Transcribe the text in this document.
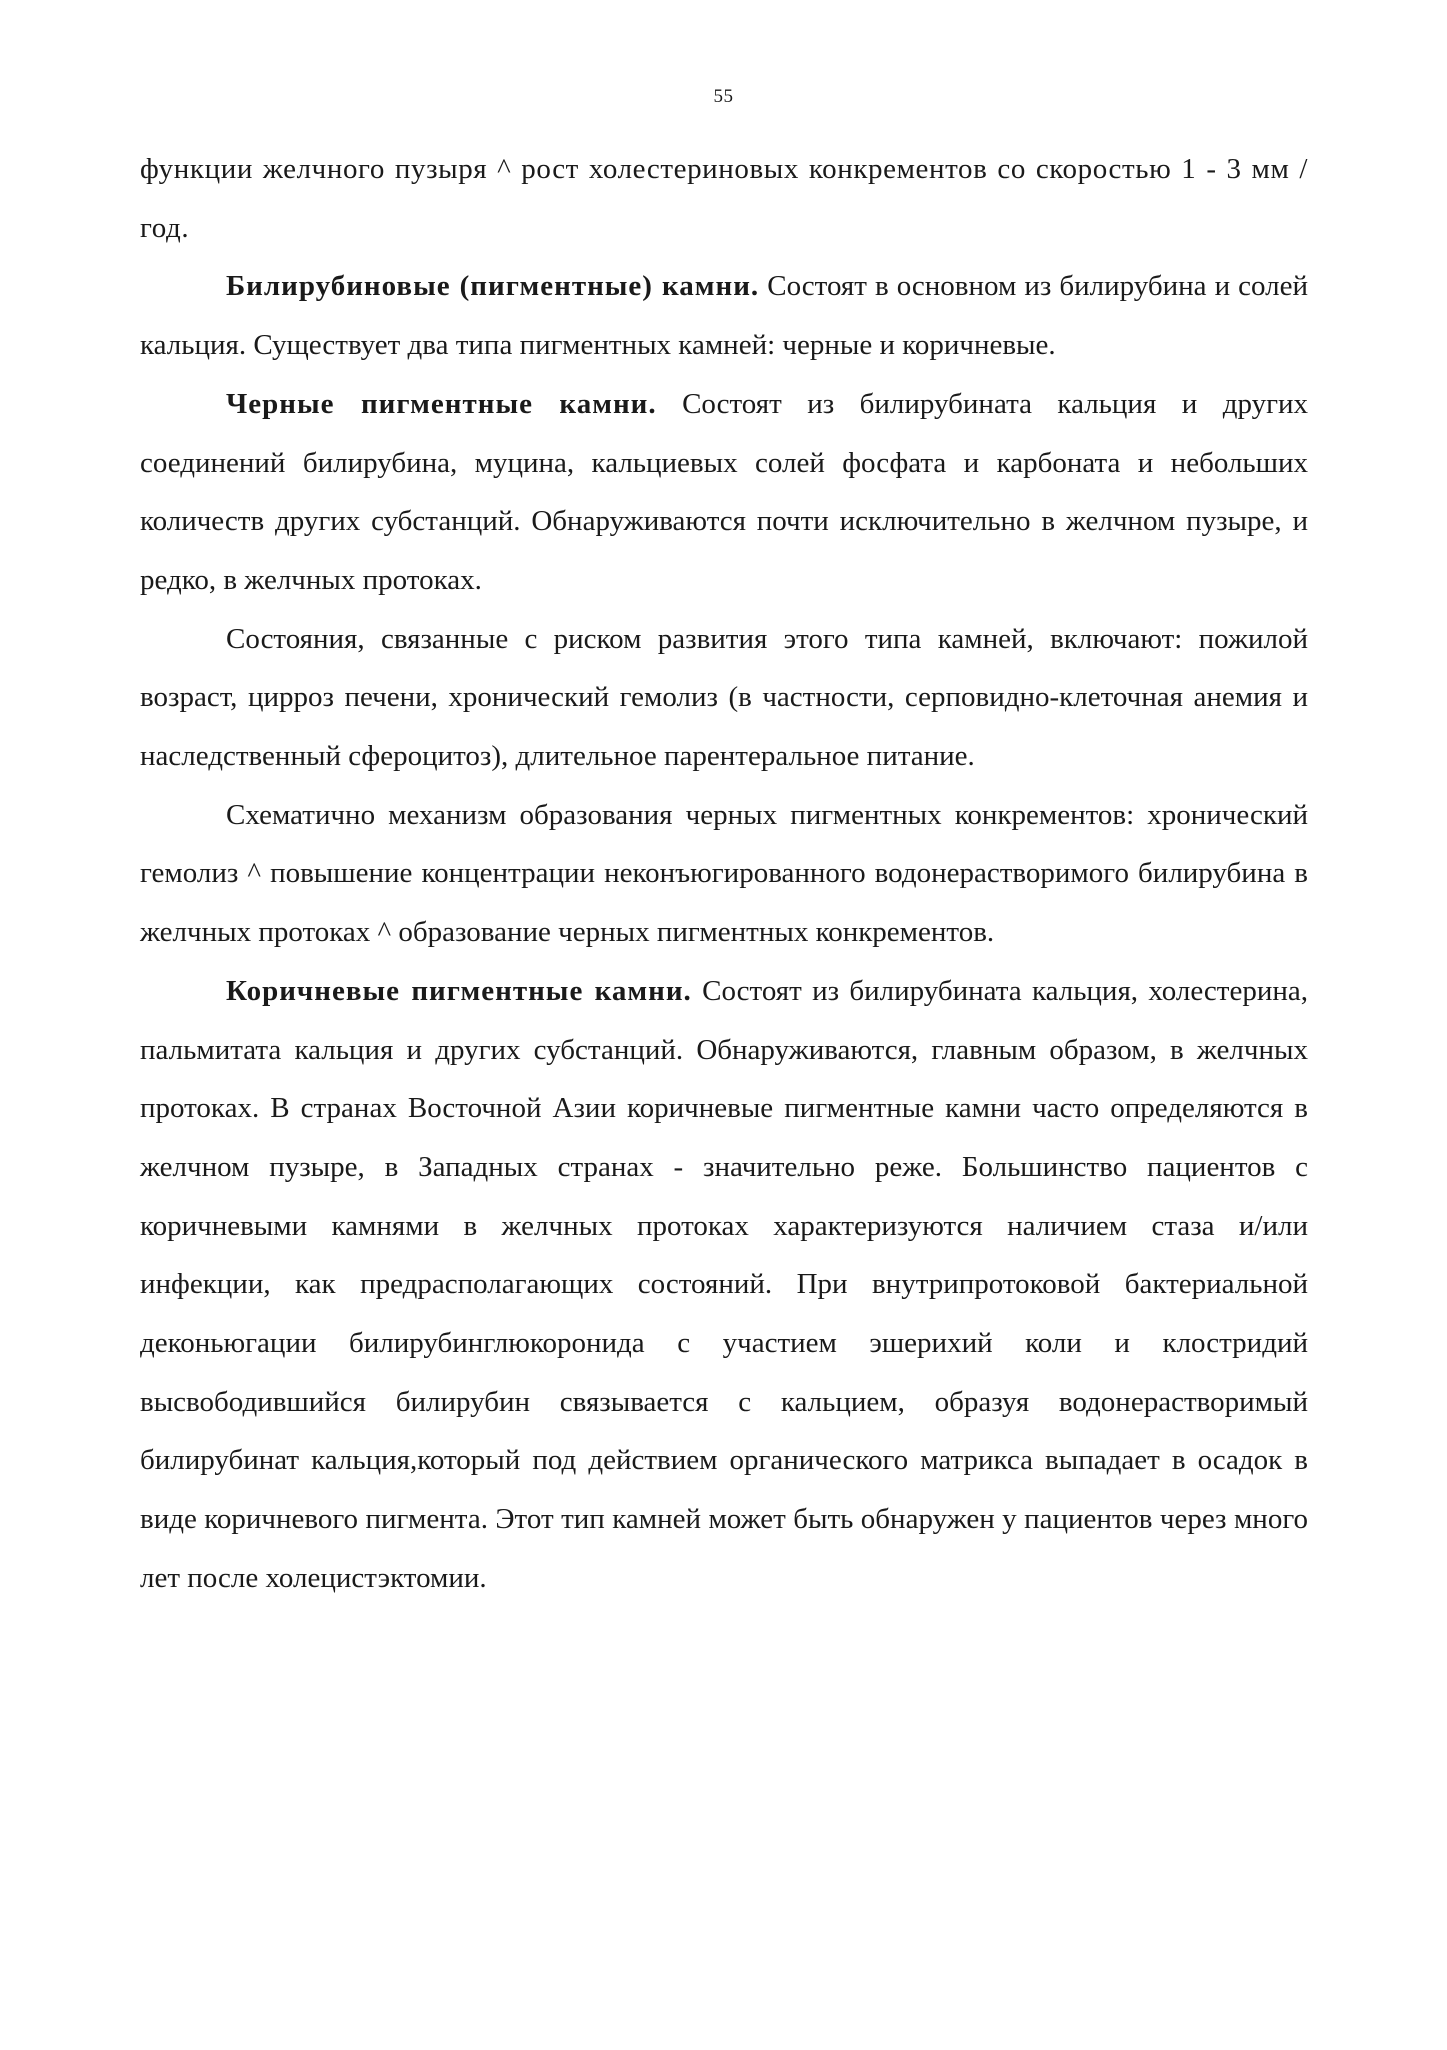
55

функции желчного пузыря ^ рост холестериновых конкрементов со скоростью 1 - 3 мм /год.

Билирубиновые (пигментные) камни. Состоят в основном из билирубина и солей кальция. Существует два типа пигментных камней: черные и коричневые.

Черные пигментные камни. Состоят из билирубината кальция и других соединений билирубина, муцина, кальциевых солей фосфата и карбоната и небольших количеств других субстанций. Обнаруживаются почти исключительно в желчном пузыре, и редко, в желчных протоках.

Состояния, связанные с риском развития этого типа камней, включают: пожилой возраст, цирроз печени, хронический гемолиз (в частности, серповидно-клеточная анемия и наследственный сфероцитоз), длительное парентеральное питание.

Схематично механизм образования черных пигментных конкрементов: хронический гемолиз ^ повышение концентрации неконъюгированного водонерастворимого билирубина в желчных протоках ^ образование черных пигментных конкрементов.

Коричневые пигментные камни. Состоят из билирубината кальция, холестерина, пальмитата кальция и других субстанций. Обнаруживаются, главным образом, в желчных протоках. В странах Восточной Азии коричневые пигментные камни часто определяются в желчном пузыре, в Западных странах - значительно реже. Большинство пациентов с коричневыми камнями в желчных протоках характеризуются наличием стаза и/или инфекции, как предрасполагающих состояний. При внутрипротоковой бактериальной деконьюгации билирубинглюкоронида с участием эшерихий коли и клостридий высвободившийся билирубин связывается с кальцием, образуя водонерастворимый билирубинат кальция,который под действием органического матрикса выпадает в осадок в виде коричневого пигмента. Этот тип камней может быть обнаружен у пациентов через много лет после холецистэктомии.
